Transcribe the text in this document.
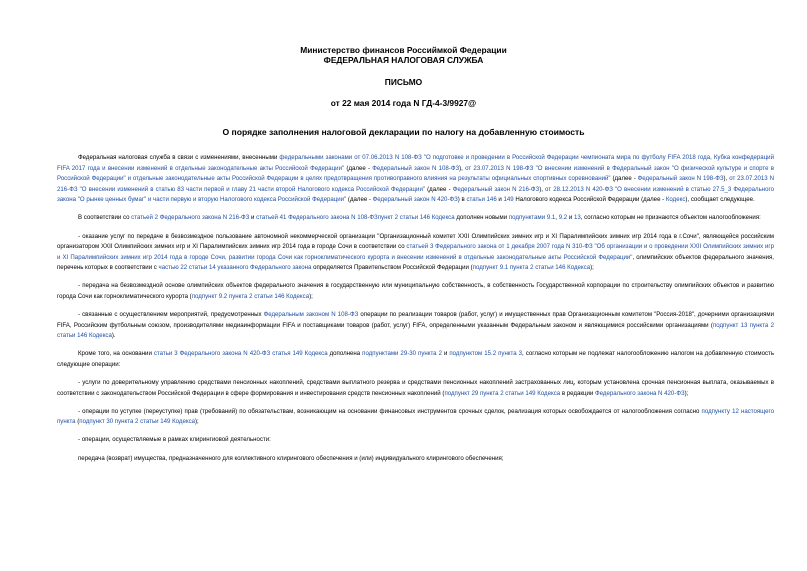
Министерство финансов Российмкой Федерации
ФЕДЕРАЛЬНАЯ НАЛОГОВАЯ СЛУЖБА
ПИСЬМО
от 22 мая 2014 года N ГД-4-3/9927@
О порядке заполнения налоговой декларации по налогу на добавленную стоимость

Федеральная налоговая служба в связи с изменениями, внесенными федеральными законами от 07.06.2013 N 108-ФЗ "О подготовке и проведении в Российской Федерации чемпионата мира по футболу FIFA 2018 года, Кубка конфедераций FIFA 2017 года и внесении изменений в отдельные законодательные акты Российской Федерации" (далее - Федеральный закон N 108-ФЗ), от 23.07.2013 N 198-ФЗ "О внесении изменений в Федеральный закон "О физической культуре и спорте в Российской Федерации" и отдельные законодательные акты Российской Федерации в целях предотвращения противоправного влияния на результаты официальных спортивных соревнований" (далее - Федеральный закон N 198-ФЗ), от 23.07.2013 N 216-ФЗ "О внесении изменений в статью 83 части первой и главу 21 части второй Налогового кодекса Российской Федерации" (далее - Федеральный закон N 216-ФЗ), от 28.12.2013 N 420-ФЗ "О внесении изменений в статью 27.5_3 Федерального закона "О рынке ценных бумаг" и части первую и вторую Налогового кодекса Российской Федерации" (далее - Федеральный закон N 420-ФЗ) в статьи 146 и 149 Налогового кодекса Российской Федерации (далее - Кодекс), сообщает следующее.

В соответствии со статьей 2 Федерального закона N 216-ФЗ и статьей 41 Федерального закона N 108-ФЗпункт 2 статьи 146 Кодекса дополнен новыми подпунктами 9.1, 9.2 и 13, согласно которым не признаются объектом налогообложения:

- оказание услуг по передаче в безвозмездное пользование автономной некоммерческой организации "Организационный комитет XXII Олимпийских зимних игр и XI Паралимпийских зимних игр 2014 года в г.Сочи", являющейся российским организатором XXII Олимпийских зимних игр и XI Паралимпийских зимних игр 2014 года в городе Сочи в соответствии со статьей 3 Федерального закона от 1 декабря 2007 года N 310-ФЗ "Об организации и о проведении XXII Олимпийских зимних игр и XI Паралимпийских зимних игр 2014 года в городе Сочи, развитии города Сочи как горноклиматического курорта и внесении изменений в отдельные законодательные акты Российской Федерации", олимпийских объектов федерального значения, перечень которых в соответствии с частью 22 статьи 14 указанного Федерального закона определяется Правительством Российской Федерации (подпункт 9.1 пункта 2 статьи 146 Кодекса);

- передача на безвозмездной основе олимпийских объектов федерального значения в государственную или муниципальную собственность, в собственность Государственной корпорации по строительству олимпийских объектов и развитию города Сочи как горноклиматического курорта (подпункт 9.2 пункта 2 статьи 146 Кодекса);

- связанные с осуществлением мероприятий, предусмотренных Федеральным законом N 108-ФЗ операции по реализации товаров (работ, услуг) и имущественных прав Организационным комитетом "Россия-2018", дочерними организациями FIFA, Российским футбольным союзом, производителями медиаинформации FIFA и поставщиками товаров (работ, услуг) FIFA, определенными указанным Федеральным законом и являющимися российскими организациями (подпункт 13 пункта 2 статьи 146 Кодекса).

Кроме того, на основании статьи 3 Федерального закона N 420-ФЗ статья 149 Кодекса дополнена подпунктами 29-30 пункта 2 и подпунктом 15.2 пункта 3, согласно которым не подлежат налогообложению налогом на добавленную стоимость следующие операции:

- услуги по доверительному управлению средствами пенсионных накоплений, средствами выплатного резерва и средствами пенсионных накоплений застрахованных лиц, которым установлена срочная пенсионная выплата, оказываемых в соответствии с законодательством Российской Федерации в сфере формирования и инвестирования средств пенсионных накоплений (подпункт 29 пункта 2 статьи 149 Кодекса в редакции Федерального закона N 420-ФЗ);

- операции по уступке (переуступке) прав (требований) по обязательствам, возникающим на основании финансовых инструментов срочных сделок, реализация которых освобождается от налогообложения согласно подпункту 12 настоящего пункта (подпункт 30 пункта 2 статьи 149 Кодекса);

- операции, осуществляемые в рамках клирингиовой деятельности:

передача (возврат) имущества, предназначенного для коллективного клирингового обеспечения и (или) индивидуального клирингового обеспечения;
